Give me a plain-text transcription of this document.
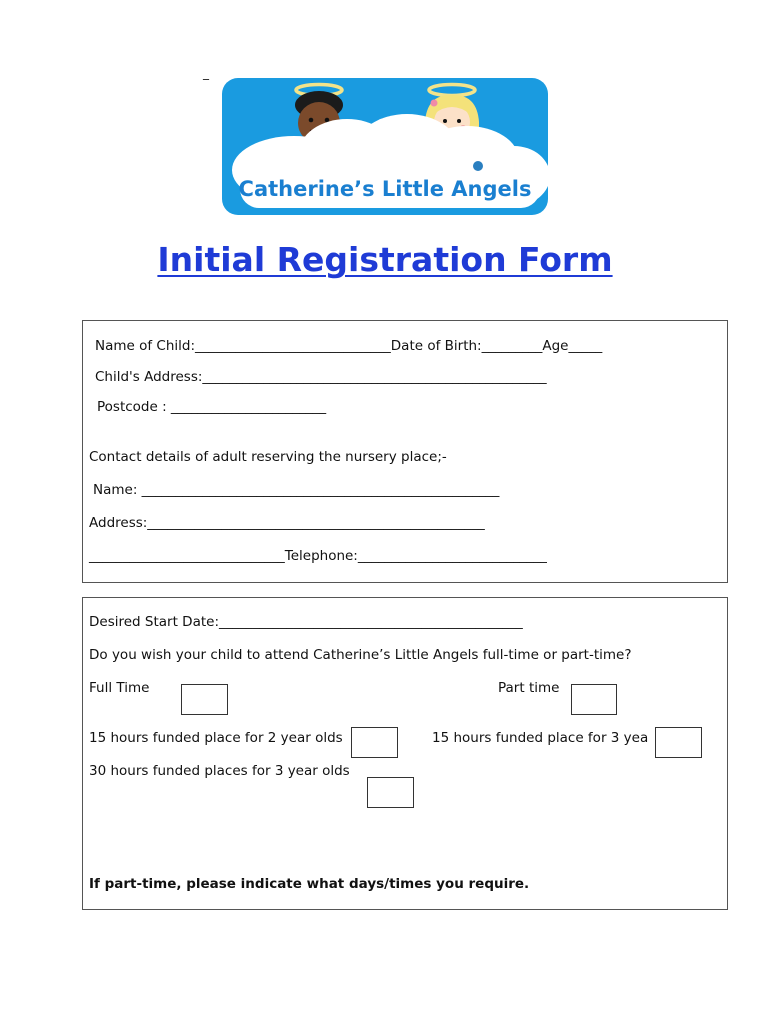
_
Catherine’s Little Angels
Initial Registration Form
Name of Child:_____________________________Date of Birth:_________Age_____
Child's Address:___________________________________________________
Postcode : _______________________
Contact details of adult reserving the nursery place;-
Name: _____________________________________________________
Address:__________________________________________________
_____________________________Telephone:____________________________
Desired Start Date:_____________________________________________
Do you wish your child to attend Catherine’s Little Angels full-time or part-time?
Full Time	Part time
15 hours funded place for 2 year olds	15 hours funded place for 3 yea
30 hours funded places for 3 year olds
If part-time, please indicate what days/times you require.
